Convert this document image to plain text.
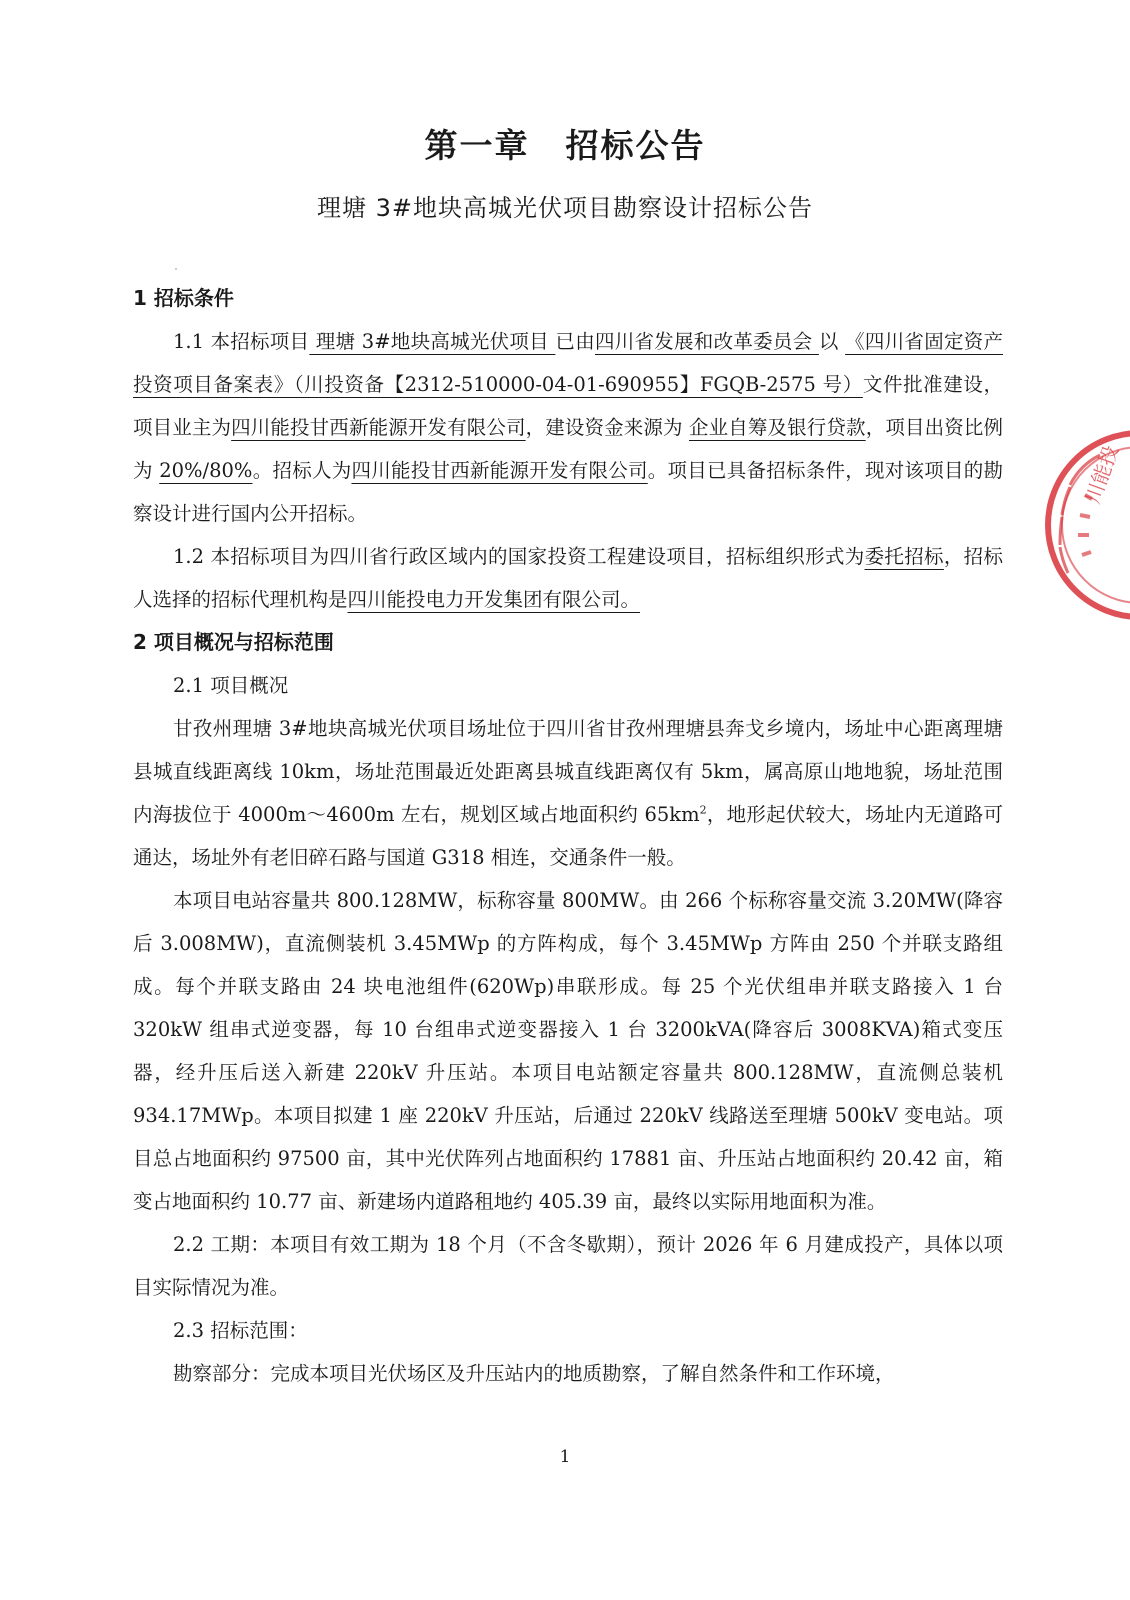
第一章 招标公告
理塘 3#地块高城光伏项目勘察设计招标公告
1 招标条件

1.1 本招标项目 理塘 3#地块高城光伏项目 已由四川省发展和改革委员会 以 《四川省固定资产投资项目备案表》（川投资备【2312-510000-04-01-690955】FGQB-2575 号）文件批准建设，项目业主为四川能投甘西新能源开发有限公司，建设资金来源为 企业自筹及银行贷款，项目出资比例为 20%/80%。招标人为四川能投甘西新能源开发有限公司。项目已具备招标条件，现对该项目的勘察设计进行国内公开招标。

1.2 本招标项目为四川省行政区域内的国家投资工程建设项目，招标组织形式为委托招标，招标人选择的招标代理机构是四川能投电力开发集团有限公司。

2 项目概况与招标范围

2.1 项目概况

甘孜州理塘 3#地块高城光伏项目场址位于四川省甘孜州理塘县奔戈乡境内，场址中心距离理塘县城直线距离线 10km，场址范围最近处距离县城直线距离仅有 5km，属高原山地地貌，场址范围内海拔位于 4000m～4600m 左右，规划区域占地面积约 $65km^2$，地形起伏较大，场址内无道路可通达，场址外有老旧碎石路与国道 G318 相连，交通条件一般。

本项目电站容量共 800.128MW，标称容量 800MW。由 266 个标称容量交流 3.20MW(降容后 3.008MW)，直流侧装机 3.45MWp 的方阵构成，每个 3.45MWp 方阵由 250 个并联支路组成。每个并联支路由 24 块电池组件(620Wp)串联形成。每 25 个光伏组串并联支路接入 1 台 320kW 组串式逆变器，每 10 台组串式逆变器接入 1 台 3200kVA(降容后 3008KVA)箱式变压器，经升压后送入新建 220kV 升压站。本项目电站额定容量共 800.128MW，直流侧总装机 934.17MWp。本项目拟建 1 座 220kV 升压站，后通过 220kV 线路送至理塘 500kV 变电站。项目总占地面积约 97500 亩，其中光伏阵列占地面积约 17881 亩、升压站占地面积约 20.42 亩，箱变占地面积约 10.77 亩、新建场内道路租地约 405.39 亩，最终以实际用地面积为准。

2.2 工期：本项目有效工期为 18 个月（不含冬歇期），预计 2026 年 6 月建成投产，具体以项目实际情况为准。

2.3 招标范围：

勘察部分：完成本项目光伏场区及升压站内的地质勘察，了解自然条件和工作环境，

1
川能投
